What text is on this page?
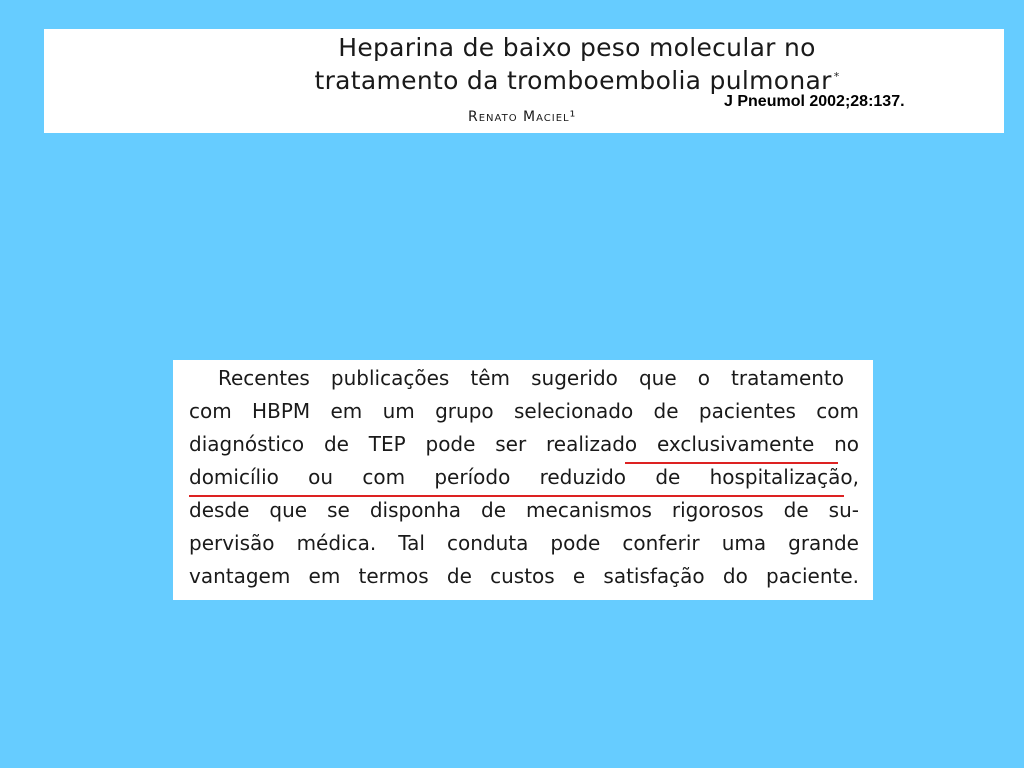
Heparina de baixo peso molecular no
tratamento da tromboembolia pulmonar *
Renato Maciel¹
J Pneumol 2002;28:137.
Recentes publicações têm sugerido que o tratamento
com HBPM em um grupo selecionado de pacientes com
diagnóstico de TEP pode ser realizado exclusivamente no
domicílio ou com período reduzido de hospitalização,
desde que se disponha de mecanismos rigorosos de su-
pervisão médica. Tal conduta pode conferir uma grande
vantagem em termos de custos e satisfação do paciente.
